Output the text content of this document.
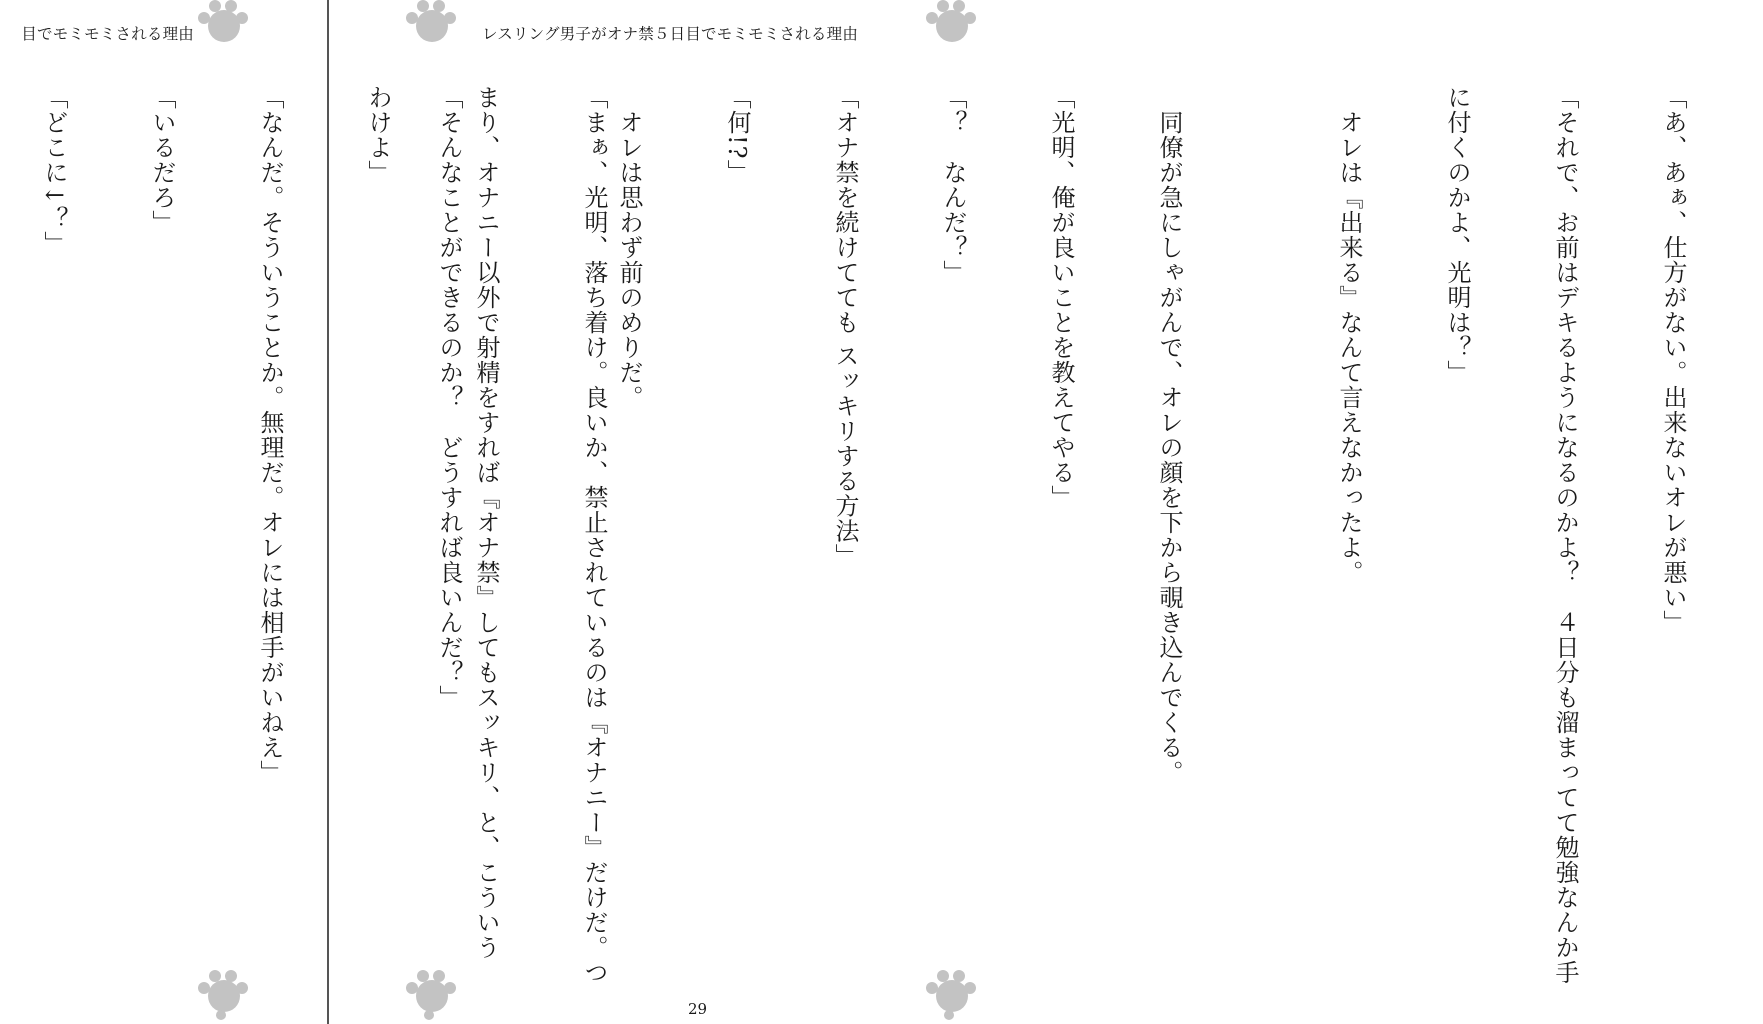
目でモミモミされる理由	レスリング男子がオナ禁５日目でモミモミされる理由

「あ、あぁ、仕方がない。出来ないオレが悪い」

「それで、お前はデキるようになるのかよ？　４日分も溜まってて勉強なんか手

に付くのかよ、光明は？」

　オレは『出来る』なんて言えなかったよ。

　同僚が急にしゃがんで、オレの顔を下から覗き込んでくる。

「光明、俺が良いことを教えてやる」

「？　なんだ？」

「オナ禁を続けてても スッキリする方法」

「何!?」

　オレは思わず前のめりだ。

「そんなことができるのか？　どうすれば良いんだ？」

	「まぁ、光明、落ち着け。良いか、禁止されているのは『オナニー』だけだ。つ

まり、オナニー以外で射精をすれば『オナ禁』してもスッキリ、と、こういう

わけよ」

「なんだ。そういうことか。無理だ。オレには相手がいねえ」

「いるだろ」

「どこに↓？」

29
